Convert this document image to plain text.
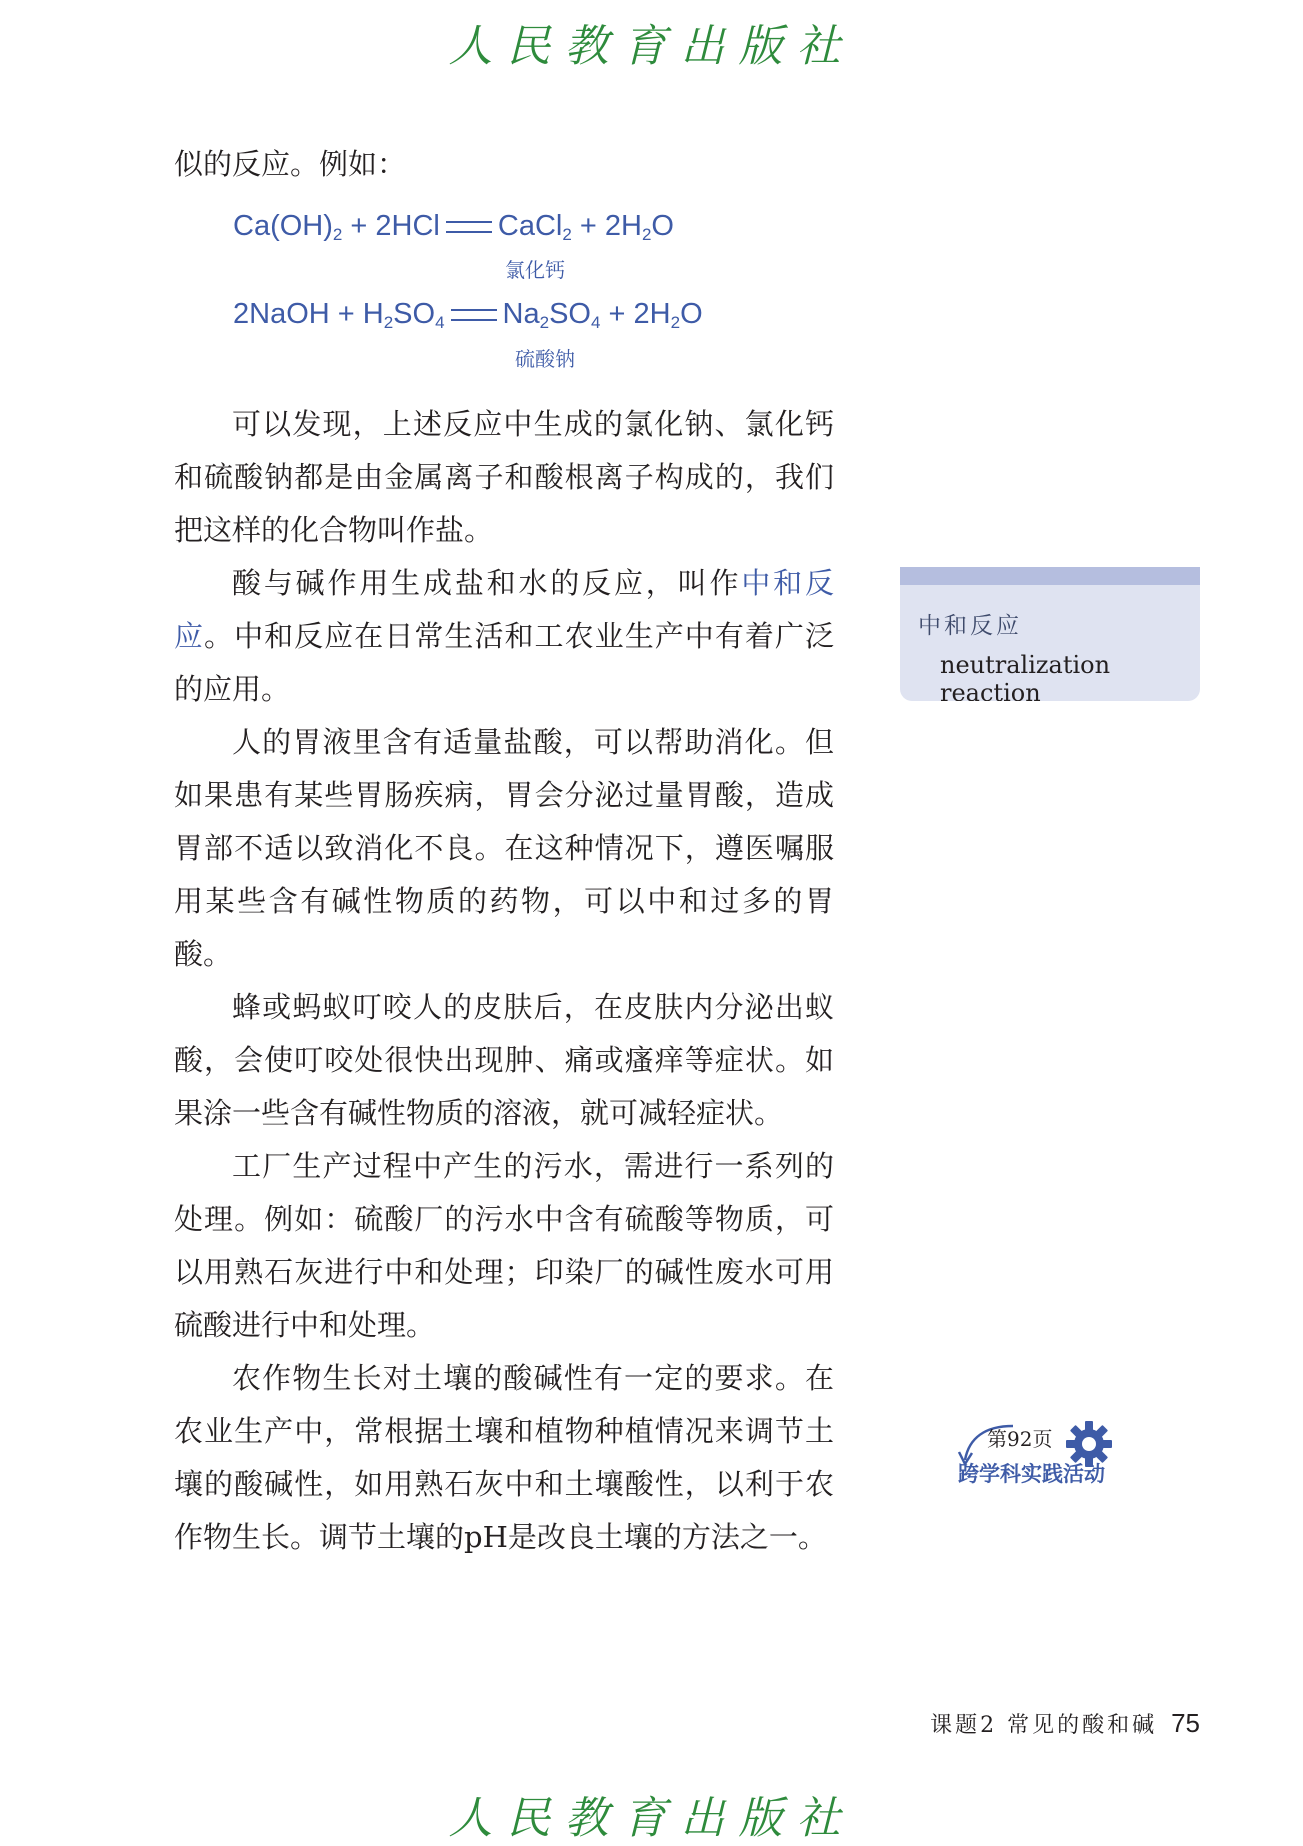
人民教育出版社

似的反应。例如：

$Ca(OH)_2 + 2HCl$ CaCl$_2$ + $2H_2O$
氯化钙
2NaOH + $H_2SO_4$ $Na_2SO_4 + 2H_2O$
硫酸钠

可以发现，上述反应中生成的氯化钠、氯化钙和硫酸钠都是由金属离子和酸根离子构成的，我们把这样的化合物叫作盐。

酸与碱作用生成盐和水的反应，叫作中和反应。中和反应在日常生活和工农业生产中有着广泛的应用。

人的胃液里含有适量盐酸，可以帮助消化。但如果患有某些胃肠疾病，胃会分泌过量胃酸，造成胃部不适以致消化不良。在这种情况下，遵医嘱服用某些含有碱性物质的药物，可以中和过多的胃酸。

蜂或蚂蚁叮咬人的皮肤后，在皮肤内分泌出蚁酸，会使叮咬处很快出现肿、痛或瘙痒等症状。如果涂一些含有碱性物质的溶液，就可减轻症状。

工厂生产过程中产生的污水，需进行一系列的处理。例如：硫酸厂的污水中含有硫酸等物质，可以用熟石灰进行中和处理；印染厂的碱性废水可用硫酸进行中和处理。

农作物生长对土壤的酸碱性有一定的要求。在农业生产中，常根据土壤和植物种植情况来调节土壤的酸碱性，如用熟石灰中和土壤酸性，以利于农作物生长。调节土壤的pH是改良土壤的方法之一。

中和反应
neutralization reaction
第92页
跨学科实践活动
课题2 常见的酸和碱 75
人民教育出版社
